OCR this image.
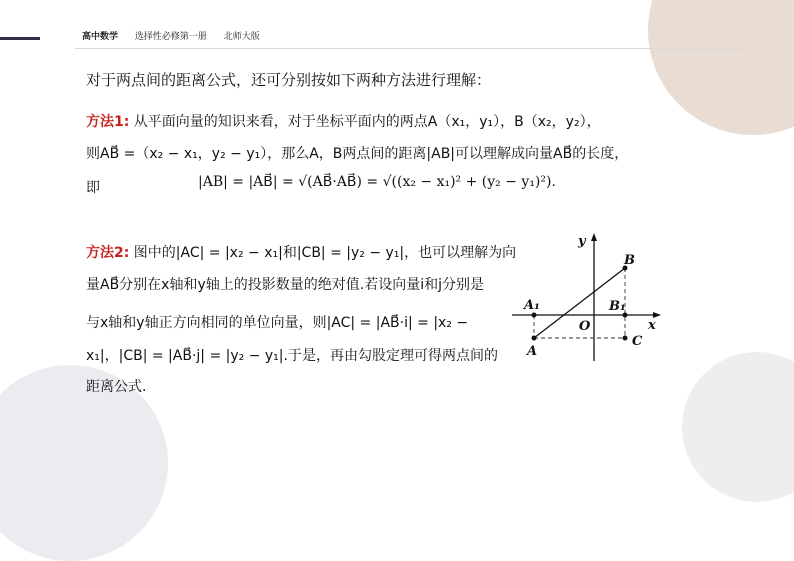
高中数学 选择性必修第一册 北师大版
对于两点间的距离公式，还可分别按如下两种方法进行理解：
方法1: 从平面向量的知识来看，对于坐标平面内的两点A（x₁，y₁），B（x₂，y₂），
则AB⃗ =（x₂ − x₁，y₂ − y₁），那么A，B两点间的距离|AB|可以理解成向量AB⃗的长度，
即	|AB| = |AB⃗| = √(AB⃗·AB⃗) = √((x₂ − x₁)² + (y₂ − y₁)²).
方法2: 图中的|AC| = |x₂ − x₁|和|CB| = |y₂ − y₁|，也可以理解为向
量AB⃗分别在x轴和y轴上的投影数量的绝对值.若设向量i和j分别是
与x轴和y轴正方向相同的单位向量，则|AC| = |AB⃗·i| = |x₂ −
x₁|，|CB| = |AB⃗·j| = |y₂ − y₁|.于是，再由勾股定理可得两点间的
距离公式.
y
x
O
A
A₁
B
B₁
C
